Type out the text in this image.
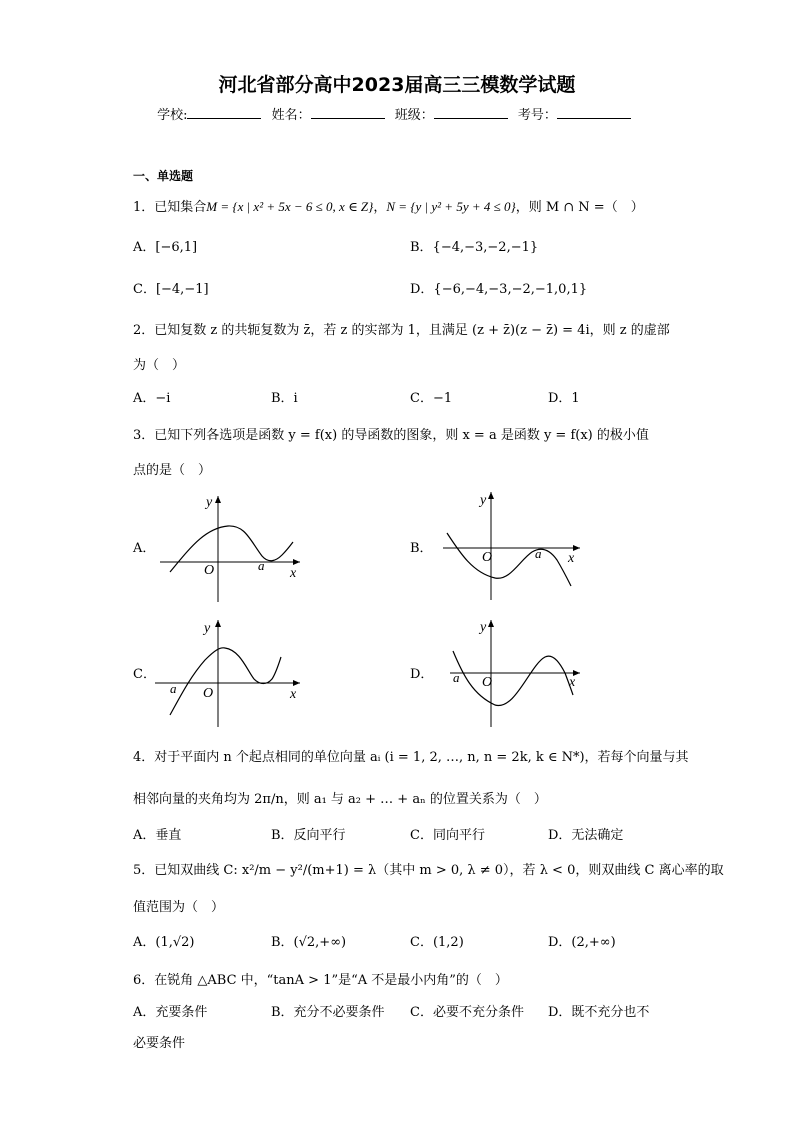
河北省部分高中2023届高三三模数学试题
学校:	姓名：	班级：	考号：
一、单选题
1．已知集合M = {x | x² + 5x − 6 ≤ 0, x ∈ Z}，N = {y | y² + 5y + 4 ≤ 0}，则 M ∩ N =（　）
A．[−6,1]	B．{−4,−3,−2,−1}
C．[−4,−1]	D．{−6,−4,−3,−2,−1,0,1}
2．已知复数 z 的共轭复数为 z̄，若 z 的实部为 1，且满足 (z + z̄)(z − z̄) = 4i，则 z 的虚部
为（　）
A．−i	B．i	C．−1	D．1
3．已知下列各选项是函数 y = f(x) 的导函数的图象，则 x = a 是函数 y = f(x) 的极小值
点的是（　）
A．
O	a
x
y
B．
O	a x
y
C．
O
a	x
y
D．
O
a	x
y
4．对于平面内 n 个起点相同的单位向量 aᵢ (i = 1, 2, …, n, n = 2k, k ∈ N*)，若每个向量与其
相邻向量的夹角均为 2π/n，则 a₁ 与 a₂ + … + aₙ 的位置关系为（　）
A．垂直	B．反向平行	C．同向平行	D．无法确定
5．已知双曲线 C: x²/m − y²/(m+1) = λ（其中 m > 0, λ ≠ 0），若 λ < 0，则双曲线 C 离心率的取
值范围为（　）
A．(1,√2)	B．(√2,+∞)	C．(1,2)	D．(2,+∞)
6．在锐角 △ABC 中，“tanA > 1”是“A 不是最小内角”的（　）
A．充要条件	B．充分不必要条件 C．必要不充分条件 D．既不充分也不
必要条件
